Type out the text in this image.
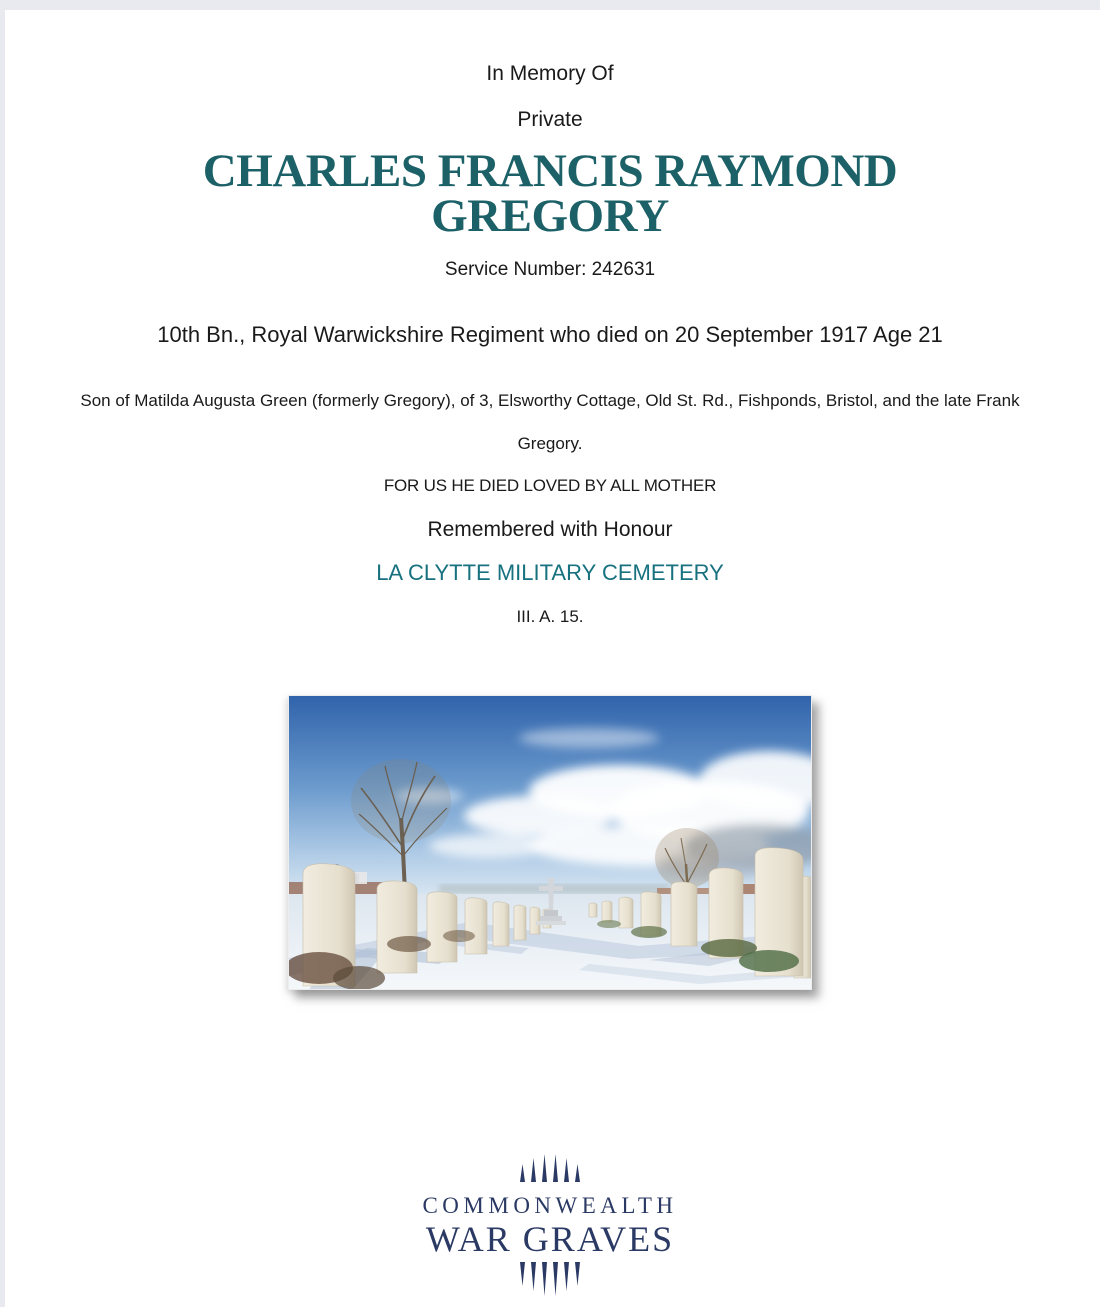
In Memory Of
Private
CHARLES FRANCIS RAYMOND GREGORY
Service Number: 242631
10th Bn., Royal Warwickshire Regiment who died on 20 September 1917 Age 21
Son of Matilda Augusta Green (formerly Gregory), of 3, Elsworthy Cottage, Old St. Rd., Fishponds, Bristol, and the late Frank Gregory.
FOR US HE DIED LOVED BY ALL MOTHER
Remembered with Honour
LA CLYTTE MILITARY CEMETERY
III. A. 15.
COMMONWEALTH
WAR GRAVES
